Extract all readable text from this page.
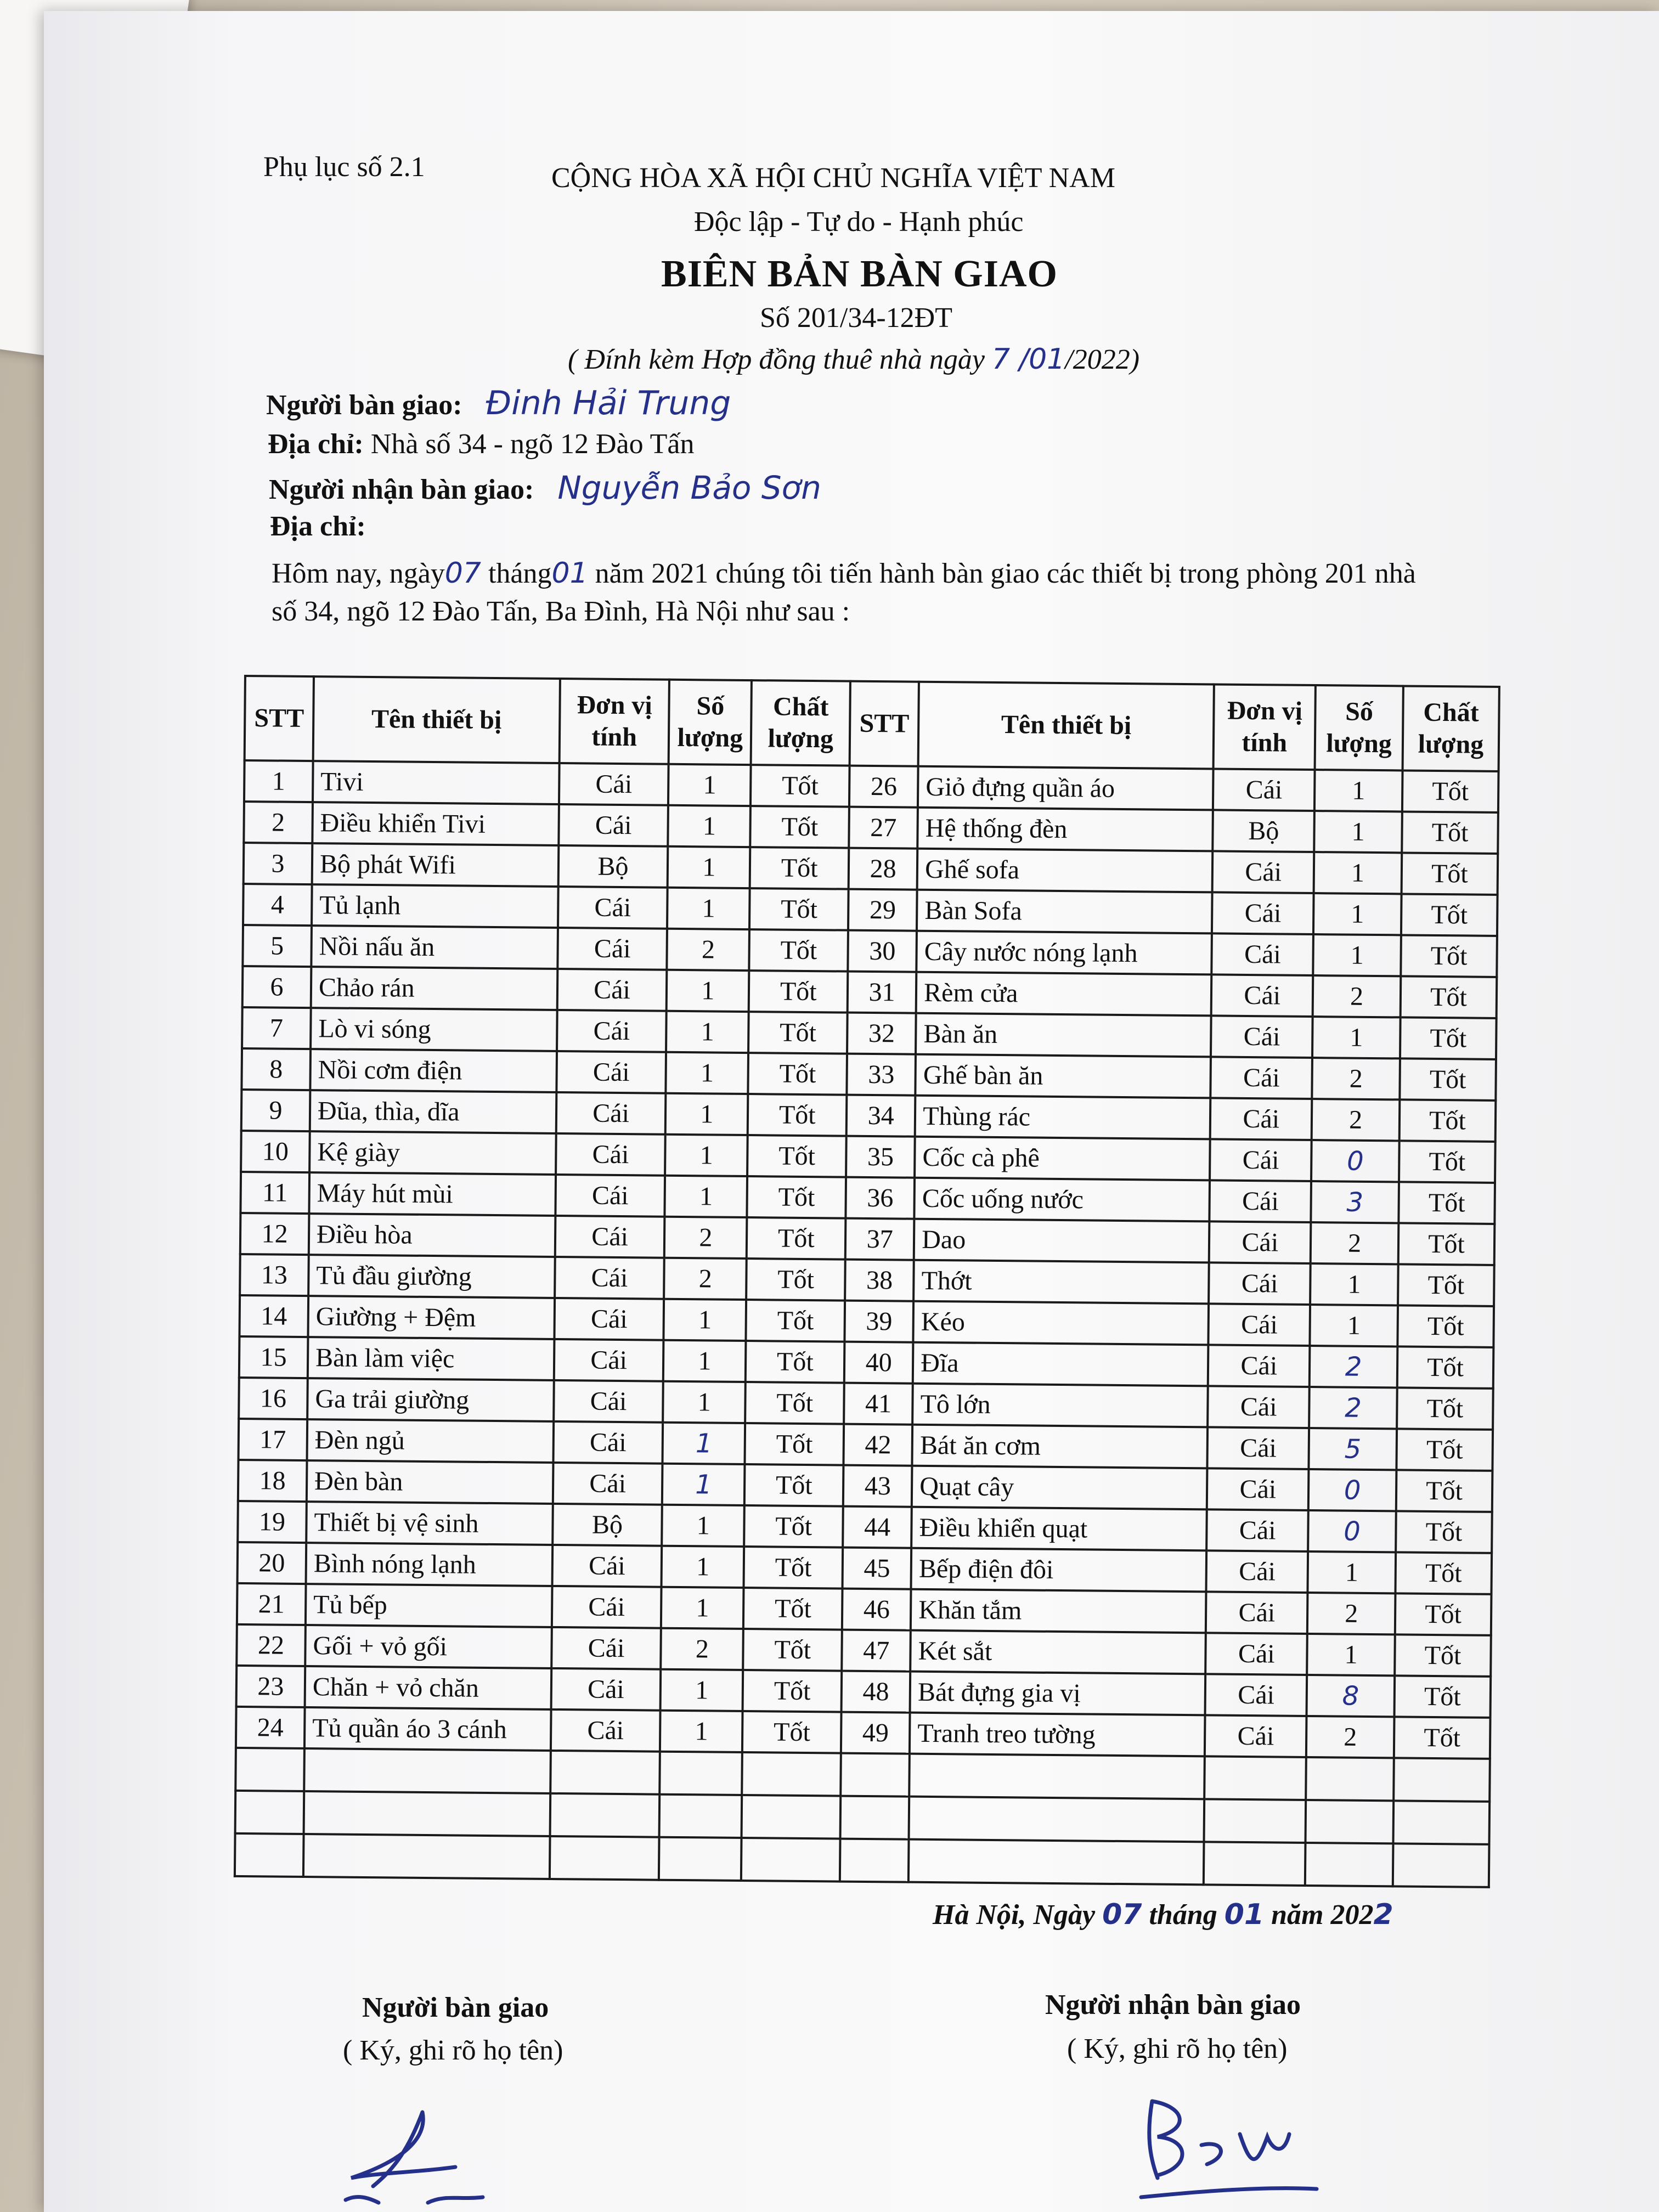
Phụ lục số 2.1	CỘNG HÒA XÃ HỘI CHỦ NGHĨA VIỆT NAM
Độc lập - Tự do - Hạnh phúc
BIÊN BẢN BÀN GIAO
Số 201/34-12ĐT
( Đính kèm Hợp đồng thuê nhà ngày 7 /01/2022)
Người bàn giao: Đinh Hải Trung
Địa chỉ: Nhà số 34 - ngõ 12 Đào Tấn
Người nhận bàn giao: Nguyễn Bảo Sơn
Địa chỉ:
Hôm nay, ngày07 tháng01 năm 2021 chúng tôi tiến hành bàn giao các thiết bị trong phòng 201 nhà
số 34, ngõ 12 Đào Tấn, Ba Đình, Hà Nội như sau :
STT	Tên thiết bị	Đơn vị tính	Số lượng	Chất lượng	STT	Tên thiết bị	Đơn vị tính	Số lượng	Chất lượng
1	Tivi	Cái	1	Tốt	26	Giỏ đựng quần áo	Cái	1	Tốt
2	Điều khiển Tivi	Cái	1	Tốt	27	Hệ thống đèn	Bộ	1	Tốt
3	Bộ phát Wifi	Bộ	1	Tốt	28	Ghế sofa	Cái	1	Tốt
4	Tủ lạnh	Cái	1	Tốt	29	Bàn Sofa	Cái	1	Tốt
5	Nồi nấu ăn	Cái	2	Tốt	30	Cây nước nóng lạnh	Cái	1	Tốt
6	Chảo rán	Cái	1	Tốt	31	Rèm cửa	Cái	2	Tốt
7	Lò vi sóng	Cái	1	Tốt	32	Bàn ăn	Cái	1	Tốt
8	Nồi cơm điện	Cái	1	Tốt	33	Ghế bàn ăn	Cái	2	Tốt
9	Đũa, thìa, dĩa	Cái	1	Tốt	34	Thùng rác	Cái	2	Tốt
10	Kệ giày	Cái	1	Tốt	35	Cốc cà phê	Cái	0	Tốt
11	Máy hút mùi	Cái	1	Tốt	36	Cốc uống nước	Cái	3	Tốt
12	Điều hòa	Cái	2	Tốt	37	Dao	Cái	2	Tốt
13	Tủ đầu giường	Cái	2	Tốt	38	Thớt	Cái	1	Tốt
14	Giường + Đệm	Cái	1	Tốt	39	Kéo	Cái	1	Tốt
15	Bàn làm việc	Cái	1	Tốt	40	Đĩa	Cái	2	Tốt
16	Ga trải giường	Cái	1	Tốt	41	Tô lớn	Cái	2	Tốt
17	Đèn ngủ	Cái	1	Tốt	42	Bát ăn cơm	Cái	5	Tốt
18	Đèn bàn	Cái	1	Tốt	43	Quạt cây	Cái	0	Tốt
19	Thiết bị vệ sinh	Bộ	1	Tốt	44	Điều khiển quạt	Cái	0	Tốt
20	Bình nóng lạnh	Cái	1	Tốt	45	Bếp điện đôi	Cái	1	Tốt
21	Tủ bếp	Cái	1	Tốt	46	Khăn tắm	Cái	2	Tốt
22	Gối + vỏ gối	Cái	2	Tốt	47	Két sắt	Cái	1	Tốt
23	Chăn + vỏ chăn	Cái	1	Tốt	48	Bát đựng gia vị	Cái	8	Tốt
24	Tủ quần áo 3 cánh	Cái	1	Tốt	49	Tranh treo tường	Cái	2	Tốt

Hà Nội, Ngày 07 tháng 01 năm 2022
Người bàn giao
( Ký, ghi rõ họ tên)
Người nhận bàn giao
( Ký, ghi rõ họ tên)
